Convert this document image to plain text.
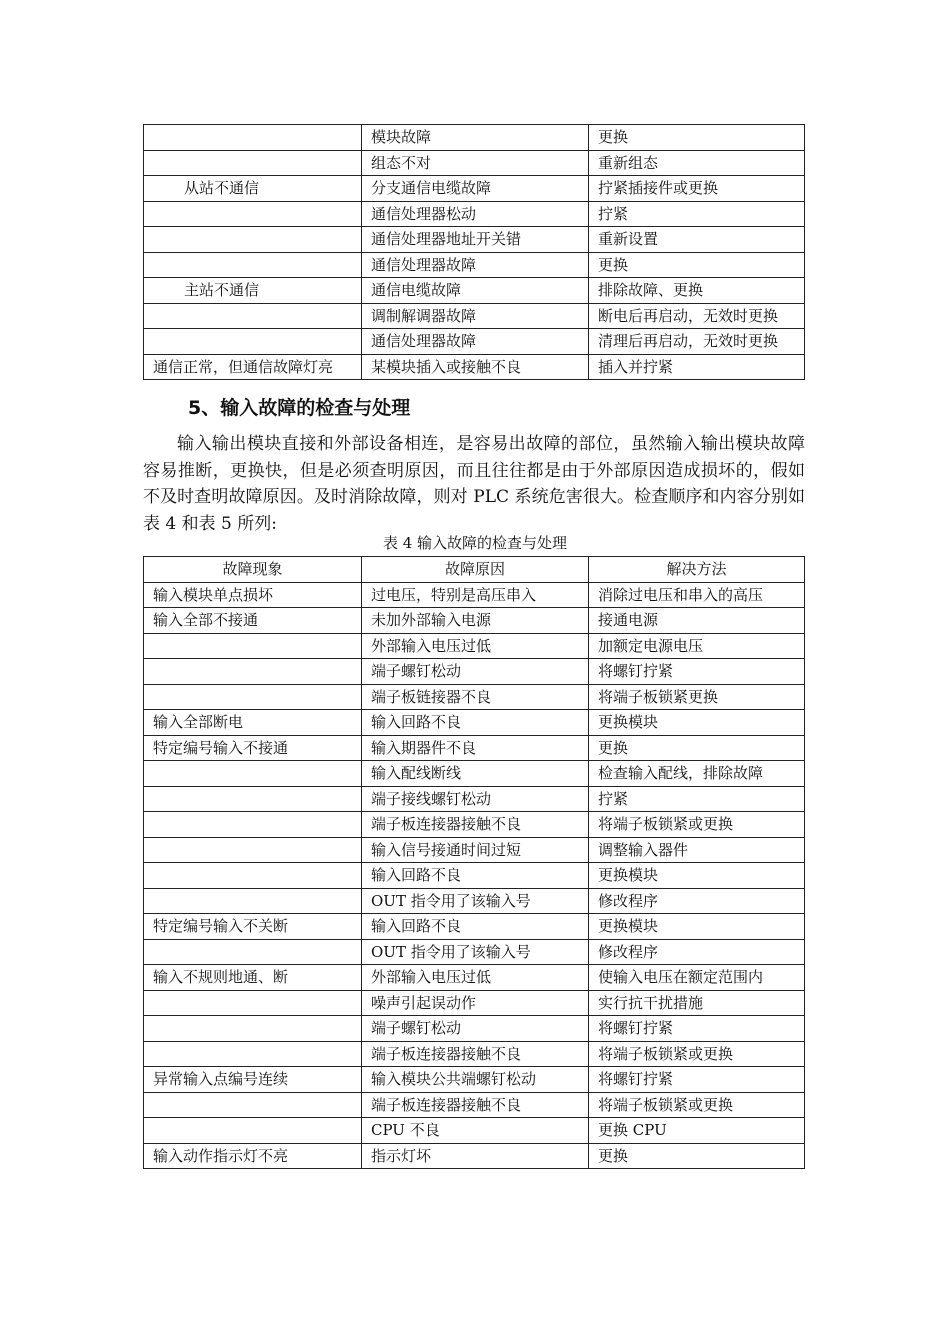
	模块故障	更换
	组态不对	重新组态
从站不通信	分支通信电缆故障	拧紧插接件或更换
	通信处理器松动	拧紧
	通信处理器地址开关错	重新设置
	通信处理器故障	更换
主站不通信	通信电缆故障	排除故障、更换
	调制解调器故障	断电后再启动，无效时更换
	通信处理器故障	清理后再启动，无效时更换
通信正常，但通信故障灯亮	某模块插入或接触不良	插入并拧紧
5、输入故障的检查与处理

输入输出模块直接和外部设备相连，是容易出故障的部位，虽然输入输出模块故障容易推断，更换快，但是必须查明原因，而且往往都是由于外部原因造成损坏的，假如不及时查明故障原因。及时消除故障，则对 PLC 系统危害很大。检查顺序和内容分别如表 4 和表 5 所列:

表 4 输入故障的检查与处理
故障现象	故障原因	解决方法
输入模块单点损坏	过电压，特别是高压串入	消除过电压和串入的高压
输入全部不接通	未加外部输入电源	接通电源
	外部输入电压过低	加额定电源电压
	端子螺钉松动	将螺钉拧紧
	端子板链接器不良	将端子板锁紧更换
输入全部断电	输入回路不良	更换模块
特定编号输入不接通	输入期器件不良	更换
	输入配线断线	检查输入配线，排除故障
	端子接线螺钉松动	拧紧
	端子板连接器接触不良	将端子板锁紧或更换
	输入信号接通时间过短	调整输入器件
	输入回路不良	更换模块
	OUT 指令用了该输入号	修改程序
特定编号输入不关断	输入回路不良	更换模块
	OUT 指令用了该输入号	修改程序
输入不规则地通、断	外部输入电压过低	使输入电压在额定范围内
	噪声引起误动作	实行抗干扰措施
	端子螺钉松动	将螺钉拧紧
	端子板连接器接触不良	将端子板锁紧或更换
异常输入点编号连续	输入模块公共端螺钉松动	将螺钉拧紧
	端子板连接器接触不良	将端子板锁紧或更换
	CPU 不良	更换 CPU
输入动作指示灯不亮	指示灯坏	更换
